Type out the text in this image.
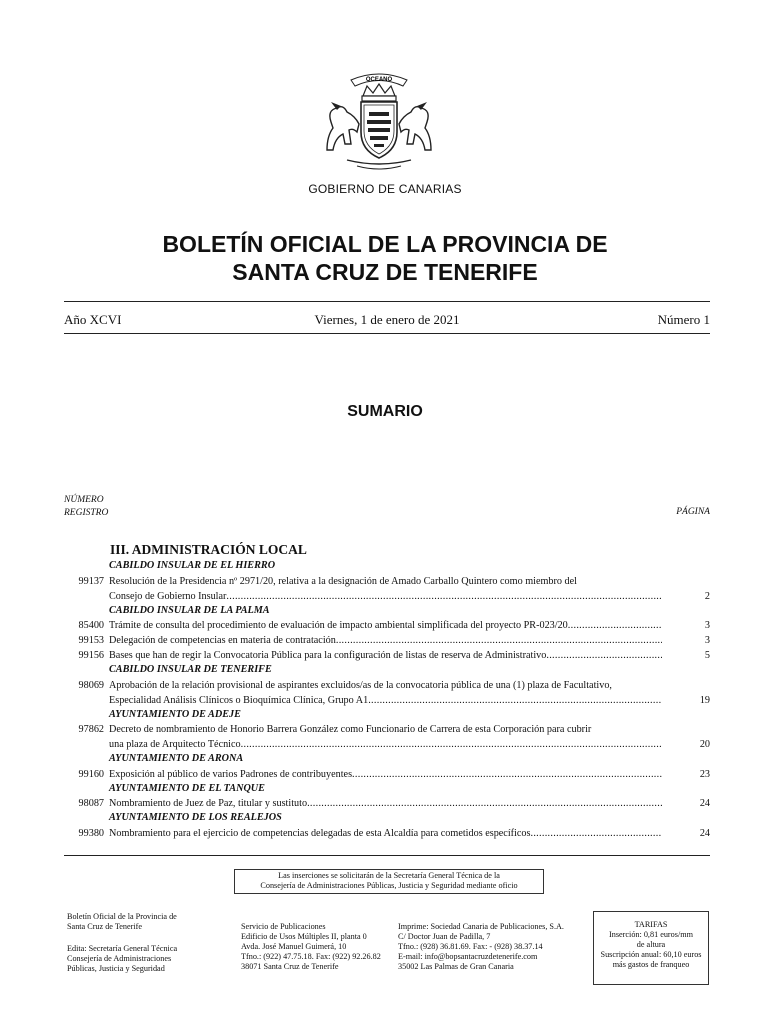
OCEANO
GOBIERNO DE CANARIAS
BOLETÍN OFICIAL DE LA PROVINCIA DE
SANTA CRUZ DE TENERIFE
Año XCVI	Viernes, 1 de enero de 2021	Número 1
SUMARIO
NÚMERO
REGISTRO	PÁGINA
III. ADMINISTRACIÓN LOCAL
CABILDO INSULAR DE EL HIERRO
99137 Resolución de la Presidencia nº 2971/20, relativa a la designación de Amado Carballo Quintero como miembro del
Consejo de Gobierno Insular .....	2
CABILDO INSULAR DE LA PALMA
85400 Trámite de consulta del procedimiento de evaluación de impacto ambiental simplificada del proyecto PR-023/20 .....	3
99153 Delegación de competencias en materia de contratación .....	3
99156 Bases que han de regir la Convocatoria Pública para la configuración de listas de reserva de Administrativo .....	5
CABILDO INSULAR DE TENERIFE
98069 Aprobación de la relación provisional de aspirantes excluidos/as de la convocatoria pública de una (1) plaza de Facultativo,
Especialidad Análisis Clínicos o Bioquímica Clínica, Grupo A1 .....	19
AYUNTAMIENTO DE ADEJE
97862 Decreto de nombramiento de Honorio Barrera González como Funcionario de Carrera de esta Corporación para cubrir
una plaza de Arquitecto Técnico .....	20
AYUNTAMIENTO DE ARONA
99160 Exposición al público de varios Padrones de contribuyentes .....	23
AYUNTAMIENTO DE EL TANQUE
98087 Nombramiento de Juez de Paz, titular y sustituto .....	24
AYUNTAMIENTO DE LOS REALEJOS
99380 Nombramiento para el ejercicio de competencias delegadas de esta Alcaldía para cometidos específicos .....	24
Las inserciones se solicitarán de la Secretaría General Técnica de la
Consejería de Administraciones Públicas, Justicia y Seguridad mediante oficio
Boletín Oficial de la Provincia de
Santa Cruz de Tenerife
Edita: Secretaría General Técnica
Consejería de Administraciones
Públicas, Justicia y Seguridad
Servicio de Publicaciones
Edificio de Usos Múltiples II, planta 0
Avda. José Manuel Guimerá, 10
Tfno.: (922) 47.75.18. Fax: (922) 92.26.82
38071 Santa Cruz de Tenerife
Imprime: Sociedad Canaria de Publicaciones, S.A.
C/ Doctor Juan de Padilla, 7
Tfno.: (928) 36.81.69. Fax: - (928) 38.37.14
E-mail: info@bopsantacruzdetenerife.com
35002 Las Palmas de Gran Canaria
TARIFAS
Inserción: 0,81 euros/mm
de altura
Suscripción anual: 60,10 euros
más gastos de franqueo
